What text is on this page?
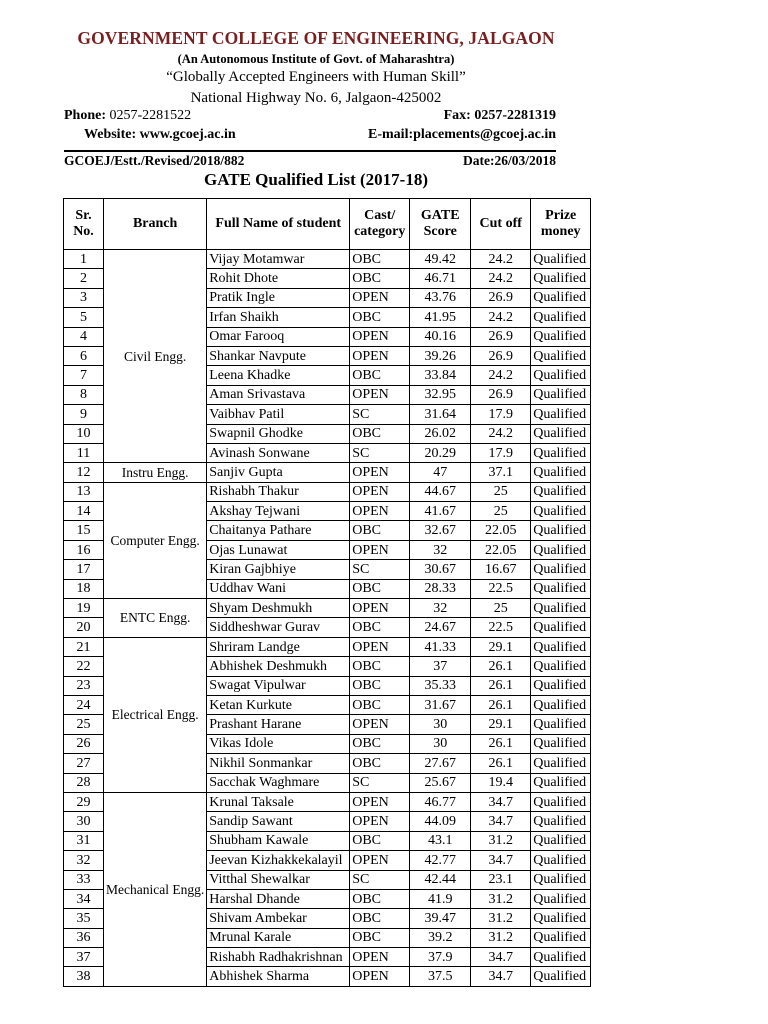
GOVERNMENT COLLEGE OF ENGINEERING, JALGAON
(An Autonomous Institute of Govt. of Maharashtra)
“Globally Accepted Engineers with Human Skill”
National Highway No. 6, Jalgaon-425002
Phone: 0257-2281522	Fax: 0257-2281319
Website: www.gcoej.ac.in	E-mail:placements@gcoej.ac.in
GCOEJ/Estt./Revised/2018/882	Date:26/03/2018
GATE Qualified List (2017-18)
Sr. No.	Branch	Full Name of student	Cast/ category	GATE Score	Cut off	Prize money
1	Civil Engg.	Vijay Motamwar	OBC	49.42	24.2	Qualified
2		Rohit Dhote	OBC	46.71	24.2	Qualified
3		Pratik Ingle	OPEN	43.76	26.9	Qualified
5		Irfan Shaikh	OBC	41.95	24.2	Qualified
4		Omar Farooq	OPEN	40.16	26.9	Qualified
6		Shankar Navpute	OPEN	39.26	26.9	Qualified
7		Leena Khadke	OBC	33.84	24.2	Qualified
8		Aman Srivastava	OPEN	32.95	26.9	Qualified
9		Vaibhav Patil	SC	31.64	17.9	Qualified
10		Swapnil Ghodke	OBC	26.02	24.2	Qualified
11		Avinash Sonwane	SC	20.29	17.9	Qualified
12	Instru Engg.	Sanjiv Gupta	OPEN	47	37.1	Qualified
13	Computer Engg.	Rishabh Thakur	OPEN	44.67	25	Qualified
14		Akshay Tejwani	OPEN	41.67	25	Qualified
15		Chaitanya Pathare	OBC	32.67	22.05	Qualified
16		Ojas Lunawat	OPEN	32	22.05	Qualified
17		Kiran Gajbhiye	SC	30.67	16.67	Qualified
18		Uddhav Wani	OBC	28.33	22.5	Qualified
19	ENTC Engg.	Shyam Deshmukh	OPEN	32	25	Qualified
20		Siddheshwar Gurav	OBC	24.67	22.5	Qualified
21	Electrical Engg.	Shriram Landge	OPEN	41.33	29.1	Qualified
22		Abhishek Deshmukh	OBC	37	26.1	Qualified
23		Swagat Vipulwar	OBC	35.33	26.1	Qualified
24		Ketan Kurkute	OBC	31.67	26.1	Qualified
25		Prashant Harane	OPEN	30	29.1	Qualified
26		Vikas Idole	OBC	30	26.1	Qualified
27		Nikhil Sonmankar	OBC	27.67	26.1	Qualified
28		Sacchak Waghmare	SC	25.67	19.4	Qualified
29	Mechanical Engg.	Krunal Taksale	OPEN	46.77	34.7	Qualified
30		Sandip Sawant	OPEN	44.09	34.7	Qualified
31		Shubham Kawale	OBC	43.1	31.2	Qualified
32		Jeevan Kizhakkekalayil	OPEN	42.77	34.7	Qualified
33		Vitthal Shewalkar	SC	42.44	23.1	Qualified
34		Harshal Dhande	OBC	41.9	31.2	Qualified
35		Shivam Ambekar	OBC	39.47	31.2	Qualified
36		Mrunal Karale	OBC	39.2	31.2	Qualified
37		Rishabh Radhakrishnan	OPEN	37.9	34.7	Qualified
38		Abhishek Sharma	OPEN	37.5	34.7	Qualified
